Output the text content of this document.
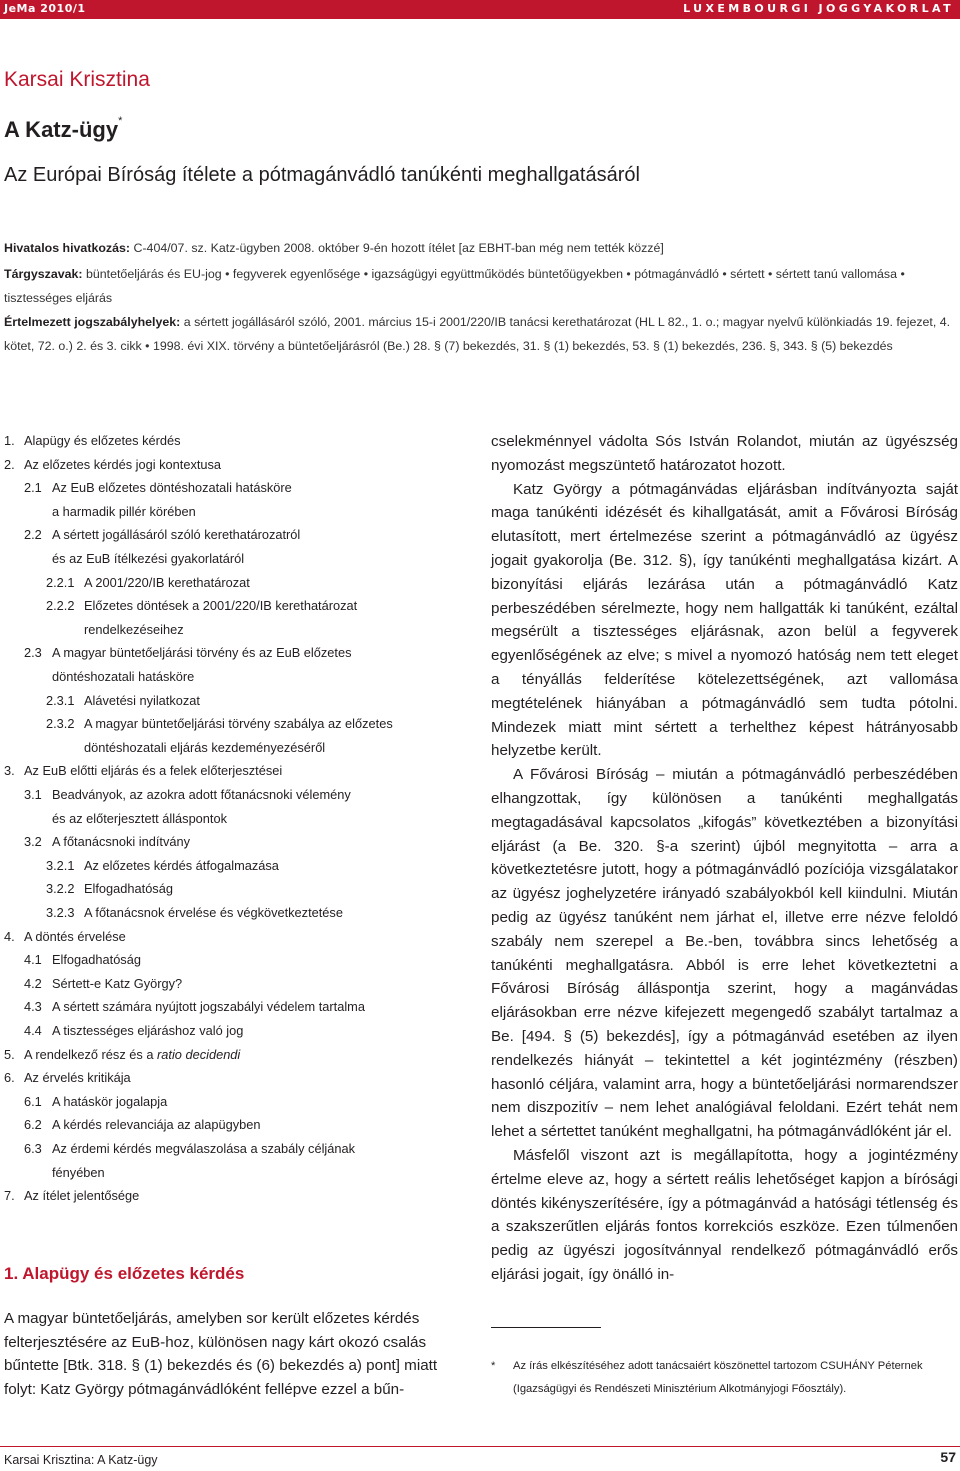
JeMa 2010/1	LUXEMBOURGI JOGGYAKORLAT
Karsai Krisztina
A Katz-ügy*
Az Európai Bíróság ítélete a pótmagánvádló tanúkénti meghallgatásáról
Hivatalos hivatkozás: C-404/07. sz. Katz-ügyben 2008. október 9-én hozott ítélet [az EBHT-ban még nem tették közzé]
Tárgyszavak: büntetőeljárás és EU-jog • fegyverek egyenlősége • igazságügyi együttműködés büntetőügyekben • pótmagánvádló • sértett • sértett tanú vallomása • tisztességes eljárás
Értelmezett jogszabályhelyek: a sértett jogállásáról szóló, 2001. március 15-i 2001/220/IB tanácsi kerethatározat (HL L 82., 1. o.; magyar nyelvű különkiadás 19. fejezet, 4. kötet, 72. o.) 2. és 3. cikk • 1998. évi XIX. törvény a büntetőeljárásról (Be.) 28. § (7) bekezdés, 31. § (1) bekezdés, 53. § (1) bekezdés, 236. §, 343. § (5) bekezdés
1. Alapügy és előzetes kérdés
2. Az előzetes kérdés jogi kontextusa
2.1 Az EuB előzetes döntéshozatali hatásköre
a harmadik pillér körében
2.2 A sértett jogállásáról szóló kerethatározatról
és az EuB ítélkezési gyakorlatáról
2.2.1 A 2001/220/IB kerethatározat
2.2.2 Előzetes döntések a 2001/220/IB kerethatározat
rendelkezéseihez
2.3 A magyar büntetőeljárási törvény és az EuB előzetes
döntéshozatali hatásköre
2.3.1 Alávetési nyilatkozat
2.3.2 A magyar büntetőeljárási törvény szabálya az előzetes
döntéshozatali eljárás kezdeményezéséről
3. Az EuB előtti eljárás és a felek előterjesztései
3.1 Beadványok, az azokra adott főtanácsnoki vélemény
és az előterjesztett álláspontok
3.2 A főtanácsnoki indítvány
3.2.1 Az előzetes kérdés átfogalmazása
3.2.2 Elfogadhatóság
3.2.3 A főtanácsnok érvelése és végkövetkeztetése
4. A döntés érvelése
4.1 Elfogadhatóság
4.2 Sértett-e Katz György?
4.3 A sértett számára nyújtott jogszabályi védelem tartalma
4.4 A tisztességes eljáráshoz való jog
5. A rendelkező rész és a ratio decidendi
6. Az érvelés kritikája
6.1 A hatáskör jogalapja
6.2 A kérdés relevanciája az alapügyben
6.3 Az érdemi kérdés megválaszolása a szabály céljának
fényében
7. Az ítélet jelentősége
1. Alapügy és előzetes kérdés
A magyar büntetőeljárás, amelyben sor került előzetes kérdés felterjesztésére az EuB-hoz, különösen nagy kárt okozó csalás bűntette [Btk. 318. § (1) bekezdés és (6) bekezdés a) pont] miatt folyt: Katz György pótmagánvádlóként fellépve ezzel a bűn-

cselekménnyel vádolta Sós István Rolandot, miután az ügyészség nyomozást megszüntető határozatot hozott.

Katz György a pótmagánvádas eljárásban indítványozta saját maga tanúkénti idézését és kihallgatását, amit a Fővárosi Bíróság elutasított, mert értelmezése szerint a pótmagánvádló az ügyész jogait gyakorolja (Be. 312. §), így tanúkénti meghallgatása kizárt. A bizonyítási eljárás lezárása után a pótmagánvádló Katz perbeszédében sérelmezte, hogy nem hallgatták ki tanúként, ezáltal megsérült a tisztességes eljárásnak, azon belül a fegyverek egyenlőségének az elve; s mivel a nyomozó hatóság nem tett eleget a tényállás felderítése kötelezettségének, azt vallomása megtételének hiányában a pótmagánvádló sem tudta pótolni. Mindezek miatt mint sértett a terhelthez képest hátrányosabb helyzetbe került.

A Fővárosi Bíróság – miután a pótmagánvádló perbeszédében elhangzottak, így különösen a tanúkénti meghallgatás megtagadásával kapcsolatos „kifogás” következtében a bizonyítási eljárást (a Be. 320. §-a szerint) újból megnyitotta – arra a következtetésre jutott, hogy a pótmagánvádló pozíciója vizsgálatakor az ügyész joghelyzetére irányadó szabályokból kell kiindulni. Miután pedig az ügyész tanúként nem járhat el, illetve erre nézve feloldó szabály nem szerepel a Be.-ben, továbbra sincs lehetőség a tanúkénti meghallgatásra. Abból is erre lehet következtetni a Fővárosi Bíróság álláspontja szerint, hogy a magánvádas eljárásokban erre nézve kifejezett megengedő szabályt tartalmaz a Be. [494. § (5) bekezdés], így a pótmagánvád esetében az ilyen rendelkezés hiányát – tekintettel a két jogintézmény (részben) hasonló céljára, valamint arra, hogy a büntetőeljárási normarendszer nem diszpozitív – nem lehet analógiával feloldani. Ezért tehát nem lehet a sértettet tanúként meghallgatni, ha pótmagánvádlóként jár el.

Másfelől viszont azt is megállapította, hogy a jogintézmény értelme eleve az, hogy a sértett reális lehetőséget kapjon a bírósági döntés kikényszerítésére, így a pótmagánvád a hatósági tétlenség és a szakszerűtlen eljárás fontos korrekciós eszköze. Ezen túlmenően pedig az ügyészi jogosítvánnyal rendelkező pótmagánvádló erős eljárási jogait, így önálló in-

* Az írás elkészítéséhez adott tanácsaiért köszönettel tartozom CSUHÁNY Péternek (Igazságügyi és Rendészeti Minisztérium Alkotmányjogi Főosztály).
Karsai Krisztina: A Katz-ügy	57
